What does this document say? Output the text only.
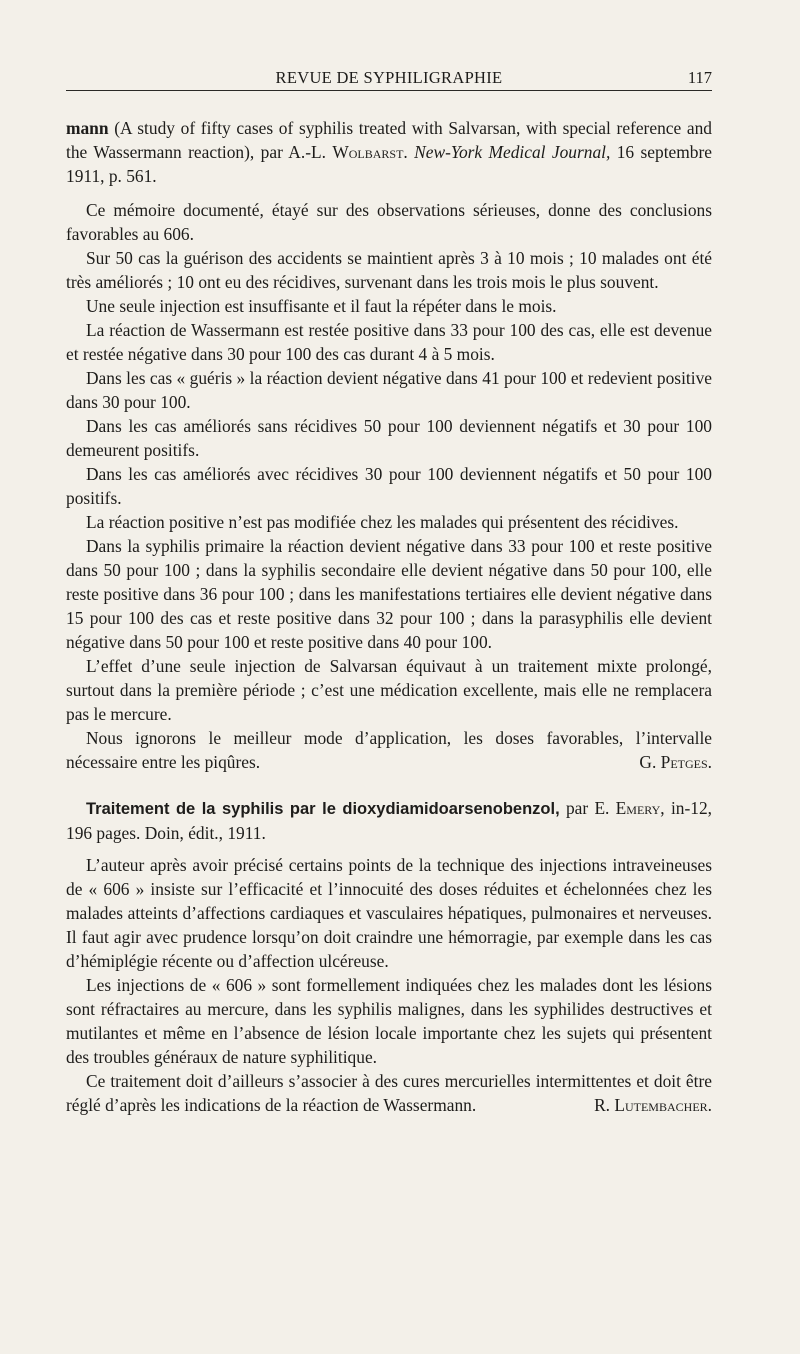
REVUE DE SYPHILIGRAPHIE	117

mann (A study of fifty cases of syphilis treated with Salvarsan, with special reference and the Wassermann reaction), par A.-L. Wolbarst. New-York Medical Journal, 16 septembre 1911, p. 561.

Ce mémoire documenté, étayé sur des observations sérieuses, donne des conclusions favorables au 606.

Sur 50 cas la guérison des accidents se maintient après 3 à 10 mois ; 10 malades ont été très améliorés ; 10 ont eu des récidives, survenant dans les trois mois le plus souvent.

Une seule injection est insuffisante et il faut la répéter dans le mois.

La réaction de Wassermann est restée positive dans 33 pour 100 des cas, elle est devenue et restée négative dans 30 pour 100 des cas durant 4 à 5 mois.

Dans les cas « guéris » la réaction devient négative dans 41 pour 100 et redevient positive dans 30 pour 100.

Dans les cas améliorés sans récidives 50 pour 100 deviennent négatifs et 30 pour 100 demeurent positifs.

Dans les cas améliorés avec récidives 30 pour 100 deviennent négatifs et 50 pour 100 positifs.

La réaction positive n’est pas modifiée chez les malades qui présentent des récidives.

Dans la syphilis primaire la réaction devient négative dans 33 pour 100 et reste positive dans 50 pour 100 ; dans la syphilis secondaire elle devient négative dans 50 pour 100, elle reste positive dans 36 pour 100 ; dans les manifestations tertiaires elle devient négative dans 15 pour 100 des cas et reste positive dans 32 pour 100 ; dans la parasyphilis elle devient négative dans 50 pour 100 et reste positive dans 40 pour 100.

L’effet d’une seule injection de Salvarsan équivaut à un traitement mixte prolongé, surtout dans la première période ; c’est une médication excellente, mais elle ne remplacera pas le mercure.

Nous ignorons le meilleur mode d’application, les doses favorables, l’intervalle nécessaire entre les piqûres.	G. Petges.

Traitement de la syphilis par le dioxydiamidoarsenobenzol, par E. Emery, in-12, 196 pages. Doin, édit., 1911.

L’auteur après avoir précisé certains points de la technique des injections intraveineuses de « 606 » insiste sur l’efficacité et l’innocuité des doses réduites et échelonnées chez les malades atteints d’affections cardiaques et vasculaires hépatiques, pulmonaires et nerveuses. Il faut agir avec prudence lorsqu’on doit craindre une hémorragie, par exemple dans les cas d’hémiplégie récente ou d’affection ulcéreuse.

Les injections de « 606 » sont formellement indiquées chez les malades dont les lésions sont réfractaires au mercure, dans les syphilis malignes, dans les syphilides destructives et mutilantes et même en l’absence de lésion locale importante chez les sujets qui présentent des troubles généraux de nature syphilitique.

Ce traitement doit d’ailleurs s’associer à des cures mercurielles intermittentes et doit être réglé d’après les indications de la réaction de Wassermann.	R. Lutembacher.
